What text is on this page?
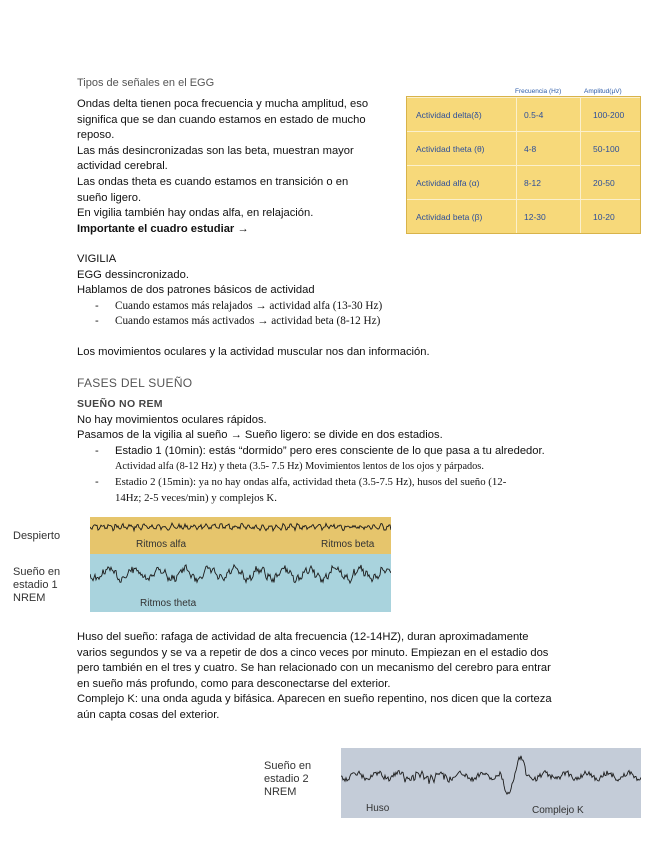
Tipos de señales en el EGG
Ondas delta tienen poca frecuencia y mucha amplitud, eso
significa que se dan cuando estamos en estado de mucho
reposo.
Las más desincronizadas son las beta, muestran mayor
actividad cerebral.
Las ondas theta es cuando estamos en transición o en
sueño ligero.
En vigilia también hay ondas alfa, en relajación.
Importante el cuadro estudiar →
Frecuencia (Hz)	Amplitud(µV)
Actividad delta(δ)	0.5-4	100-200
Actividad theta (θ)	4-8	50-100
Actividad alfa (α)	8-12	20-50
Actividad beta (β)	12-30	10-20
VIGILIA
EGG dessincronizado.
Hablamos de dos patrones básicos de actividad
- Cuando estamos más relajados → actividad alfa (13-30 Hz)
- Cuando estamos más activados → actividad beta (8-12 Hz)
Los movimientos oculares y la actividad muscular nos dan información.
FASES DEL SUEÑO
SUEÑO NO REM
No hay movimientos oculares rápidos.
Pasamos de la vigilia al sueño → Sueño ligero: se divide en dos estadios.
- Estadio 1 (10min): estás “dormido” pero eres consciente de lo que pasa a tu alrededor.
Actividad alfa (8-12 Hz) y theta (3.5- 7.5 Hz) Movimientos lentos de los ojos y párpados.
- Estadio 2 (15min): ya no hay ondas alfa, actividad theta (3.5-7.5 Hz), husos del sueño (12-
14Hz; 2-5 veces/min) y complejos K.
Despierto
Sueño en
estadio 1
NREM
Ritmos alfa	Ritmos beta
Ritmos theta
Huso del sueño: rafaga de actividad de alta frecuencia (12-14HZ), duran aproximadamente
varios segundos y se va a repetir de dos a cinco veces por minuto. Empiezan en el estadio dos
pero también en el tres y cuatro. Se han relacionado con un mecanismo del cerebro para entrar
en sueño más profundo, como para desconectarse del exterior.
Complejo K: una onda aguda y bifásica. Aparecen en sueño repentino, nos dicen que la corteza
aún capta cosas del exterior.
Sueño en
estadio 2
NREM
Huso	Complejo K
